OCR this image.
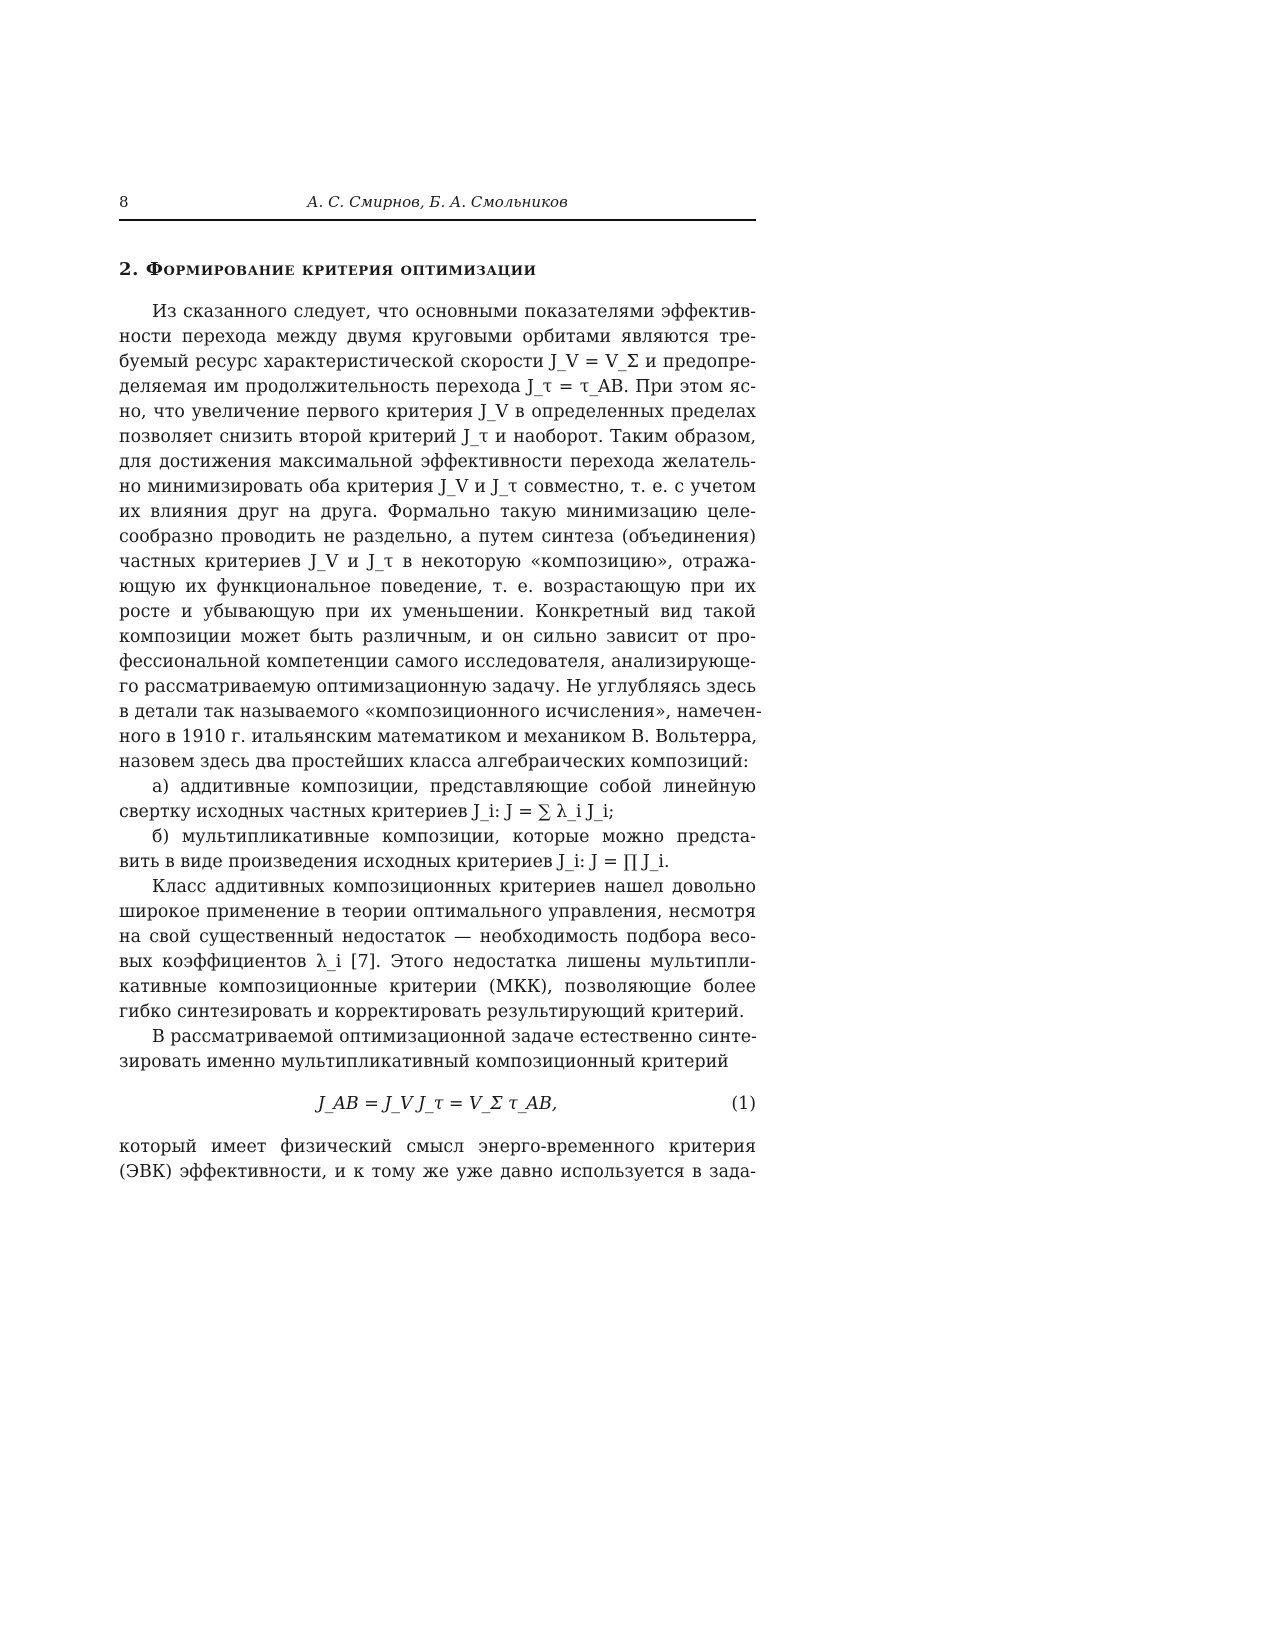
8	А. С. Смирнов, Б. А. Смольников
2. Формирование критерия оптимизации

Из сказанного следует, что основными показателями эффектив-
ности перехода между двумя круговыми орбитами являются тре-
буемый ресурс характеристической скорости J_V = V_Σ и предопре-
деляемая им продолжительность перехода J_τ = τ_AB. При этом яс-
но, что увеличение первого критерия J_V в определенных пределах
позволяет снизить второй критерий J_τ и наоборот. Таким образом,
для достижения максимальной эффективности перехода желатель-
но минимизировать оба критерия J_V и J_τ совместно, т. е. с учетом
их влияния друг на друга. Формально такую минимизацию целе-
сообразно проводить не раздельно, а путем синтеза (объединения)
частных критериев J_V и J_τ в некоторую «композицию», отража-
ющую их функциональное поведение, т. е. возрастающую при их
росте и убывающую при их уменьшении. Конкретный вид такой
композиции может быть различным, и он сильно зависит от про-
фессиональной компетенции самого исследователя, анализирующе-
го рассматриваемую оптимизационную задачу. Не углубляясь здесь
в детали так называемого «композиционного исчисления», намечен-
ного в 1910 г. итальянским математиком и механиком В. Вольтерра,
назовем здесь два простейших класса алгебраических композиций:

а) аддитивные композиции, представляющие собой линейную
свертку исходных частных критериев J_i: J = ∑ λ_i J_i;

б) мультипликативные композиции, которые можно предста-
вить в виде произведения исходных критериев J_i: J = ∏ J_i.

Класс аддитивных композиционных критериев нашел довольно
широкое применение в теории оптимального управления, несмотря
на свой существенный недостаток — необходимость подбора весо-
вых коэффициентов λ_i [7]. Этого недостатка лишены мультипли-
кативные композиционные критерии (МКК), позволяющие более
гибко синтезировать и корректировать результирующий критерий.

В рассматриваемой оптимизационной задаче естественно синте-
зировать именно мультипликативный композиционный критерий

J_AB = J_V J_τ = V_Σ τ_AB,	(1)

который имеет физический смысл энерго-временного критерия
(ЭВК) эффективности, и к тому же уже давно используется в зада-
